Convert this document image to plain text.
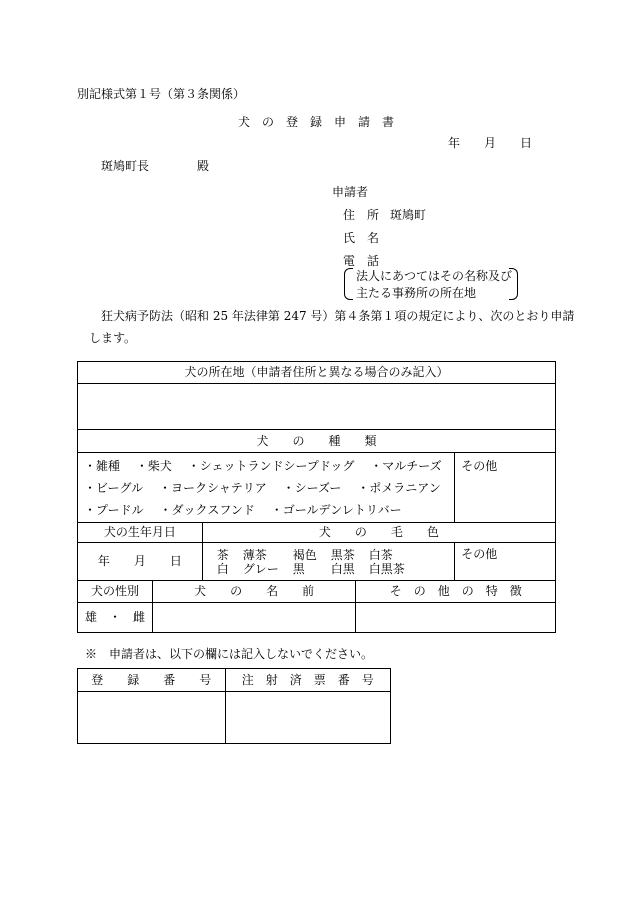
別記様式第１号（第３条関係）
犬　の　登　録　申　請　書
年　　月　　日
斑鳩町長　　　　殿
申請者
住　所 斑鳩町
氏　名
電　話
法人にあつてはその名称及び
主たる事務所の所在地
狂犬病予防法（昭和 25 年法律第 247 号）第４条第１項の規定により、次のとおり申請
します。
犬の所在地（申請者住所と異なる場合のみ記入）

犬　　の　　種　　類

・雑種　 ・柴犬　 ・シェットランドシープドッグ　 ・マルチーズ
・ビーグル　 ・ヨークシャテリア　 ・シーズー　 ・ポメラニアン
・プードル　 ・ダックスフンド　 ・ゴールデンレトリバー
	その他
犬の生年月日	犬　　の　　毛　　色
年　　月　　日		茶	薄茶	褐色	黒茶	白茶
白	グレー	黒	白黒	白黒茶
	その他
犬の性別	犬　　の　　名　　前	そ　の　他　の　特　徴
雄　・　雌		
※　申請者は、以下の欄には記入しないでください。
登　　録　　番　　号	注　射　済　票　番　号
